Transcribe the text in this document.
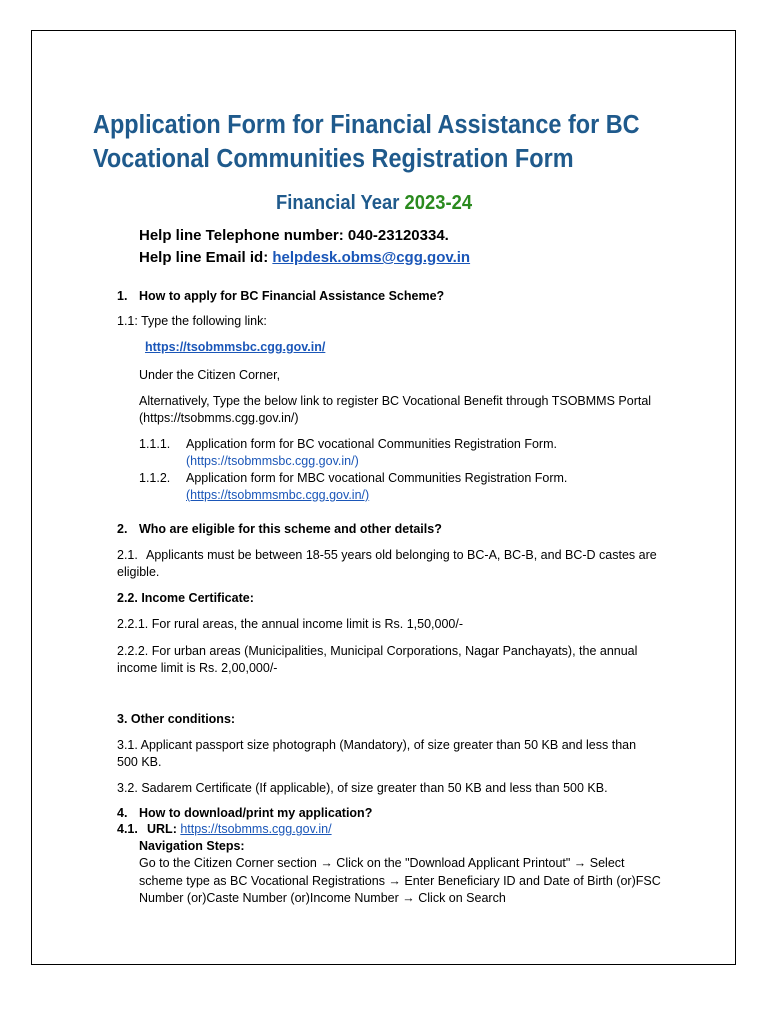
Application Form for Financial Assistance for BC
Vocational Communities Registration Form
Financial Year 2023-24
Help line Telephone number: 040-23120334.
Help line Email id: helpdesk.obms@cgg.gov.in
1. How to apply for BC Financial Assistance Scheme?
1.1: Type the following link:
https://tsobmmsbc.cgg.gov.in/
Under the Citizen Corner,
Alternatively, Type the below link to register BC Vocational Benefit through TSOBMMS Portal
(https://tsobmms.cgg.gov.in/)
1.1.1. Application form for BC vocational Communities Registration Form.
(https://tsobmmsbc.cgg.gov.in/)
1.1.2. Application form for MBC vocational Communities Registration Form.
(https://tsobmmsmbc.cgg.gov.in/)
2. Who are eligible for this scheme and other details?
2.1. Applicants must be between 18-55 years old belonging to BC-A, BC-B, and BC-D castes are
eligible.
2.2. Income Certificate:
2.2.1. For rural areas, the annual income limit is Rs. 1,50,000/-
2.2.2. For urban areas (Municipalities, Municipal Corporations, Nagar Panchayats), the annual
income limit is Rs. 2,00,000/-
3. Other conditions:
3.1. Applicant passport size photograph (Mandatory), of size greater than 50 KB and less than
500 KB.
3.2. Sadarem Certificate (If applicable), of size greater than 50 KB and less than 500 KB.
4. How to download/print my application?
4.1. URL: https://tsobmms.cgg.gov.in/
Navigation Steps:
Go to the Citizen Corner section → Click on the "Download Applicant Printout" → Select
scheme type as BC Vocational Registrations → Enter Beneficiary ID and Date of Birth (or)FSC
Number (or)Caste Number (or)Income Number → Click on Search
